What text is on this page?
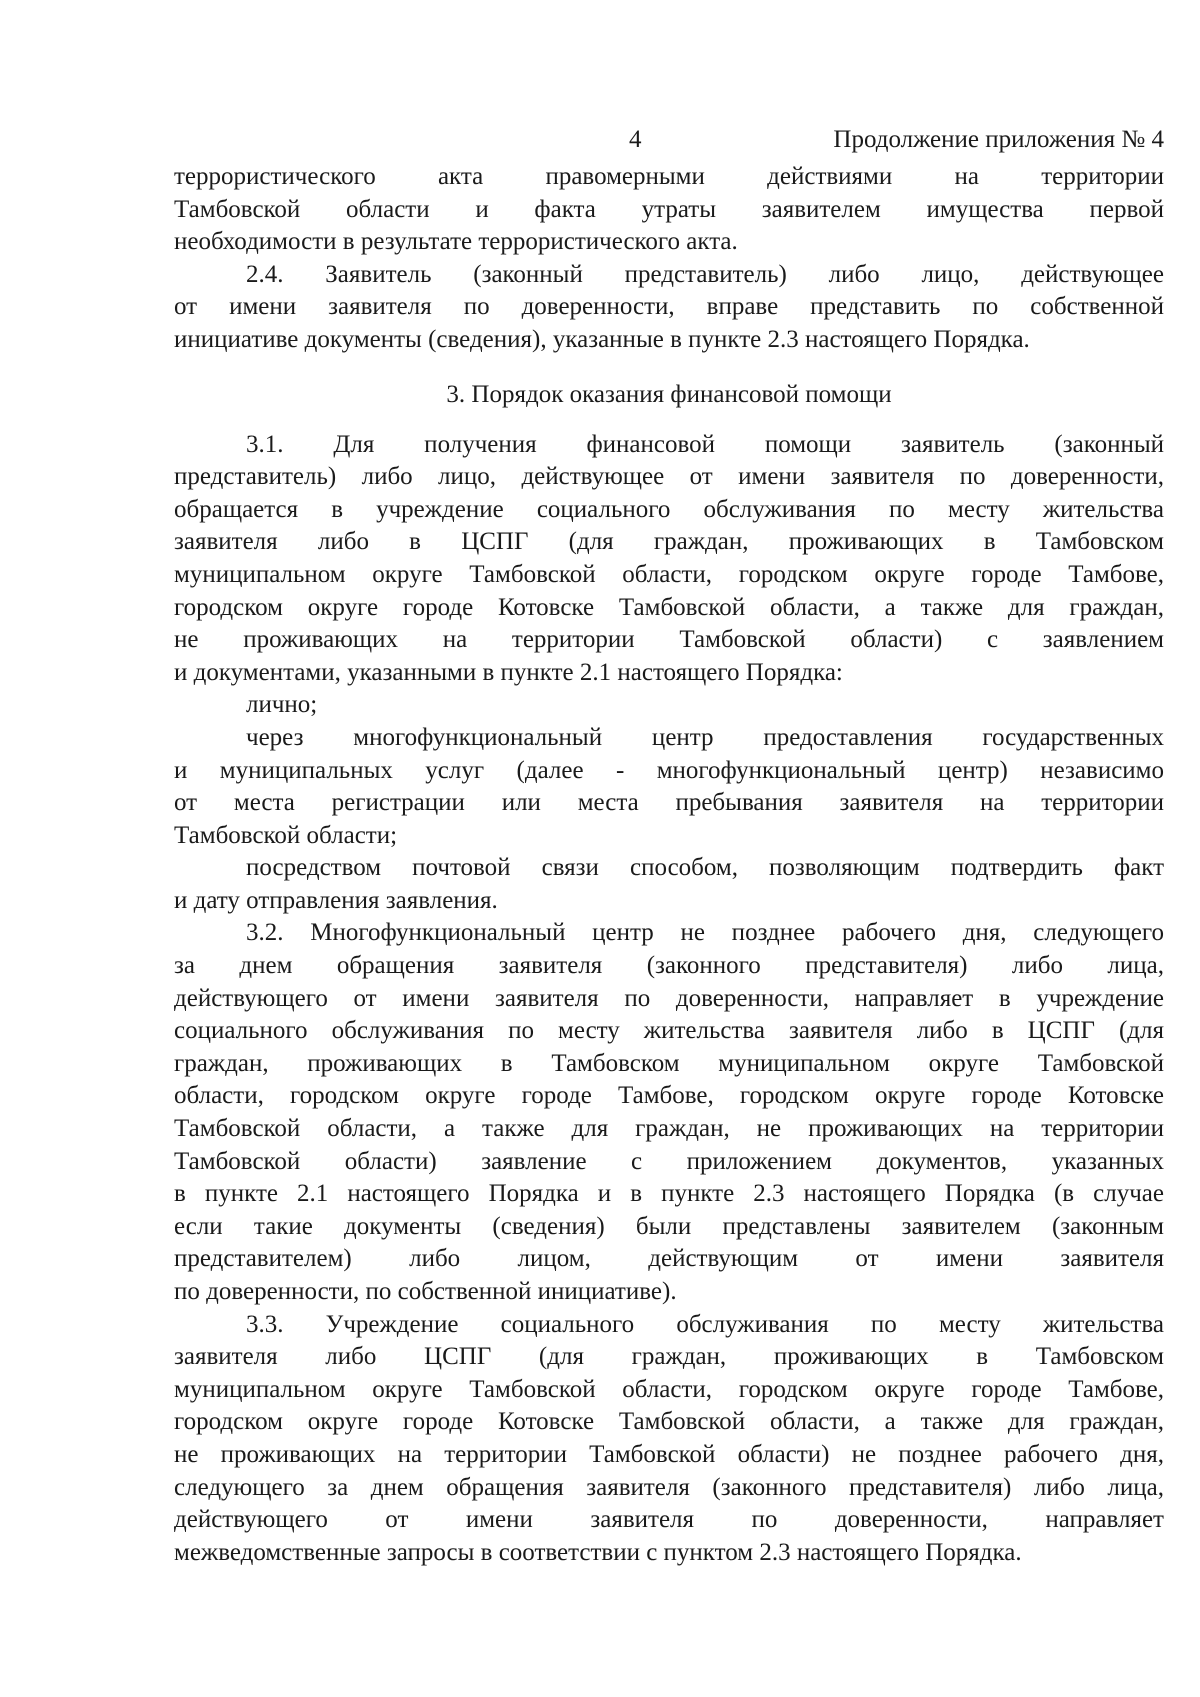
4	Продолжение приложения № 4
террористического акта правомерными действиями на территории
Тамбовской области и факта утраты заявителем имущества первой
необходимости в результате террористического акта.
2.4. Заявитель (законный представитель) либо лицо, действующее
от имени заявителя по доверенности, вправе представить по собственной
инициативе документы (сведения), указанные в пункте 2.3 настоящего Порядка.
3. Порядок оказания финансовой помощи
3.1. Для получения финансовой помощи заявитель (законный
представитель) либо лицо, действующее от имени заявителя по доверенности,
обращается в учреждение социального обслуживания по месту жительства
заявителя либо в ЦСПГ (для граждан, проживающих в Тамбовском
муниципальном округе Тамбовской области, городском округе городе Тамбове,
городском округе городе Котовске Тамбовской области, а также для граждан,
не проживающих на территории Тамбовской области) с заявлением
и документами, указанными в пункте 2.1 настоящего Порядка:
лично;
через многофункциональный центр предоставления государственных
и муниципальных услуг (далее - многофункциональный центр) независимо
от места регистрации или места пребывания заявителя на территории
Тамбовской области;
посредством почтовой связи способом, позволяющим подтвердить факт
и дату отправления заявления.
3.2. Многофункциональный центр не позднее рабочего дня, следующего
за днем обращения заявителя (законного представителя) либо лица,
действующего от имени заявителя по доверенности, направляет в учреждение
социального обслуживания по месту жительства заявителя либо в ЦСПГ (для
граждан, проживающих в Тамбовском муниципальном округе Тамбовской
области, городском округе городе Тамбове, городском округе городе Котовске
Тамбовской области, а также для граждан, не проживающих на территории
Тамбовской области) заявление с приложением документов, указанных
в пункте 2.1 настоящего Порядка и в пункте 2.3 настоящего Порядка (в случае
если такие документы (сведения) были представлены заявителем (законным
представителем) либо лицом, действующим от имени заявителя
по доверенности, по собственной инициативе).
3.3. Учреждение социального обслуживания по месту жительства
заявителя либо ЦСПГ (для граждан, проживающих в Тамбовском
муниципальном округе Тамбовской области, городском округе городе Тамбове,
городском округе городе Котовске Тамбовской области, а также для граждан,
не проживающих на территории Тамбовской области) не позднее рабочего дня,
следующего за днем обращения заявителя (законного представителя) либо лица,
действующего от имени заявителя по доверенности, направляет
межведомственные запросы в соответствии с пунктом 2.3 настоящего Порядка.
